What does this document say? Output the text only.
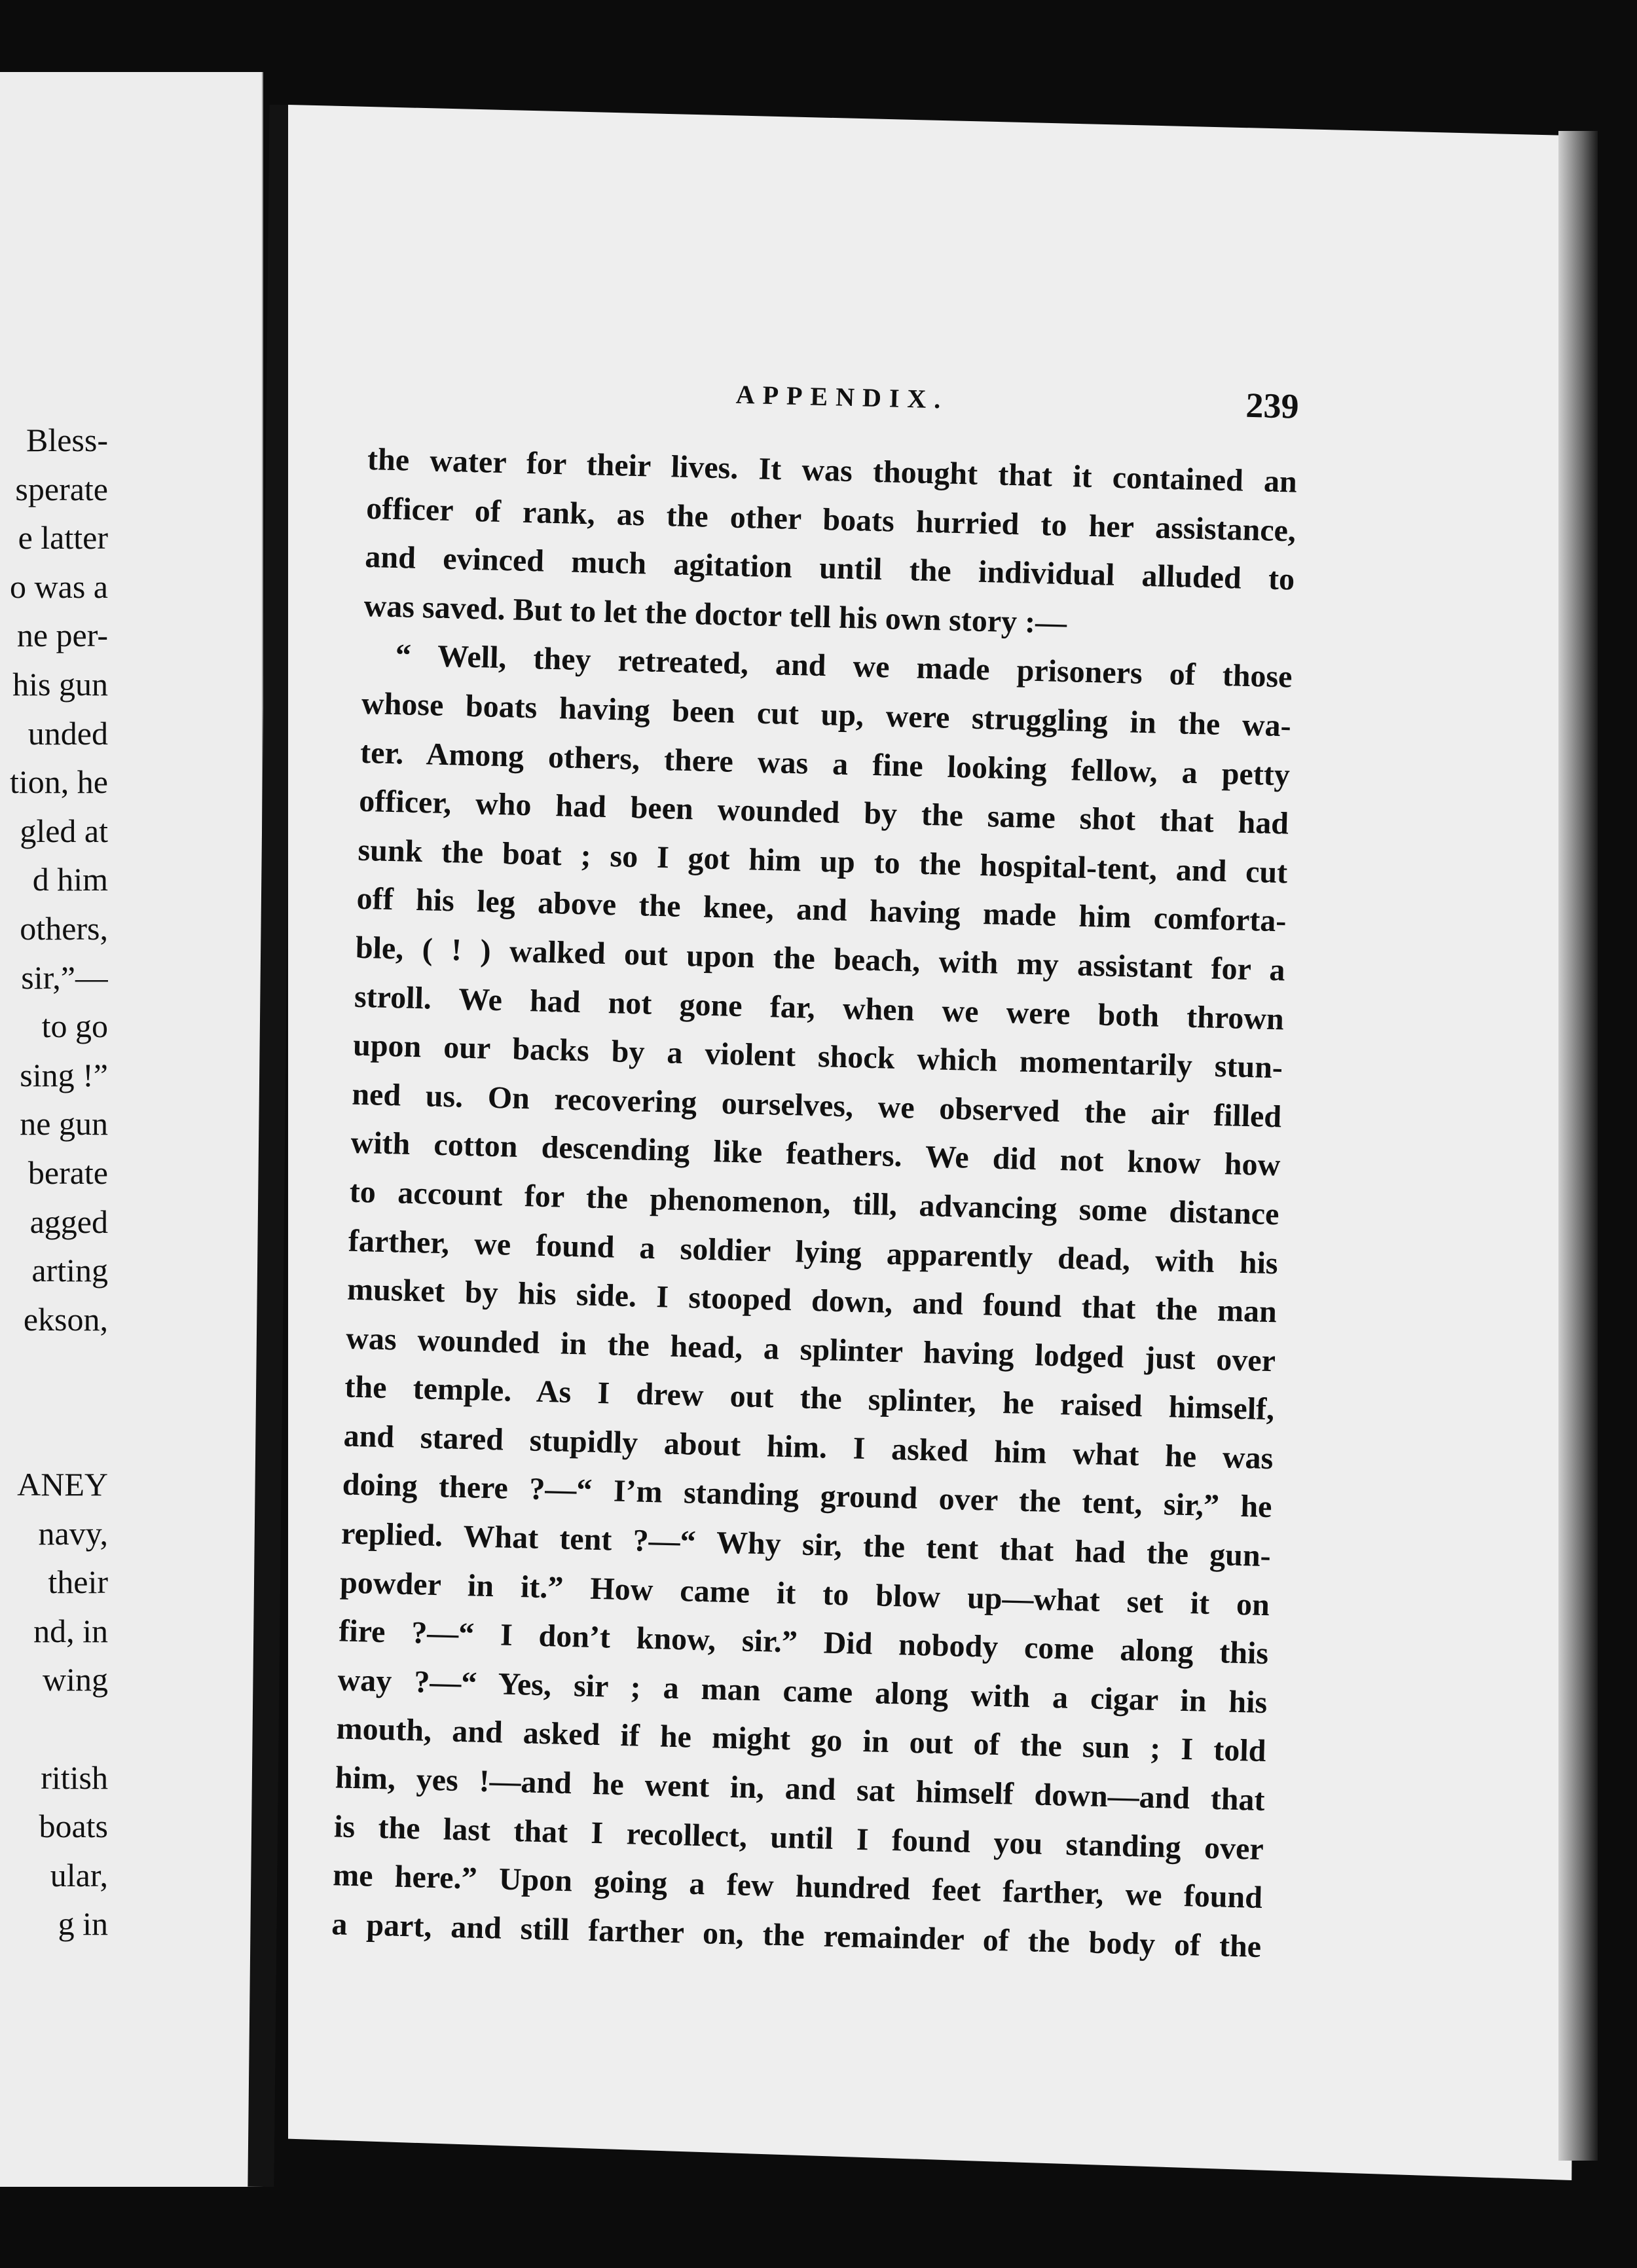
Bless-
sperate
e latter
o was a
ne per-
his gun
unded
tion, he
gled at
d him
others,
sir,”—
to go
sing !”
ne gun
berate
agged
arting
ekson,
ANEY
navy,
their
nd, in
wing
ritish
boats
ular,
g in
APPENDIX.	239
the water for their lives. It was thought that it contained an
officer of rank, as the other boats hurried to her assistance,
and evinced much agitation until the individual alluded to
was saved. But to let the doctor tell his own story :—
“ Well, they retreated, and we made prisoners of those
whose boats having been cut up, were struggling in the wa-
ter. Among others, there was a fine looking fellow, a petty
officer, who had been wounded by the same shot that had
sunk the boat ; so I got him up to the hospital-tent, and cut
off his leg above the knee, and having made him comforta-
ble, ( ! ) walked out upon the beach, with my assistant for a
stroll. We had not gone far, when we were both thrown
upon our backs by a violent shock which momentarily stun-
ned us. On recovering ourselves, we observed the air filled
with cotton descending like feathers. We did not know how
to account for the phenomenon, till, advancing some distance
farther, we found a soldier lying apparently dead, with his
musket by his side. I stooped down, and found that the man
was wounded in the head, a splinter having lodged just over
the temple. As I drew out the splinter, he raised himself,
and stared stupidly about him. I asked him what he was
doing there ?—“ I’m standing ground over the tent, sir,” he
replied. What tent ?—“ Why sir, the tent that had the gun-
powder in it.” How came it to blow up—what set it on
fire ?—“ I don’t know, sir.” Did nobody come along this
way ?—“ Yes, sir ; a man came along with a cigar in his
mouth, and asked if he might go in out of the sun ; I told
him, yes !—and he went in, and sat himself down—and that
is the last that I recollect, until I found you standing over
me here.” Upon going a few hundred feet farther, we found
a part, and still farther on, the remainder of the body of the
